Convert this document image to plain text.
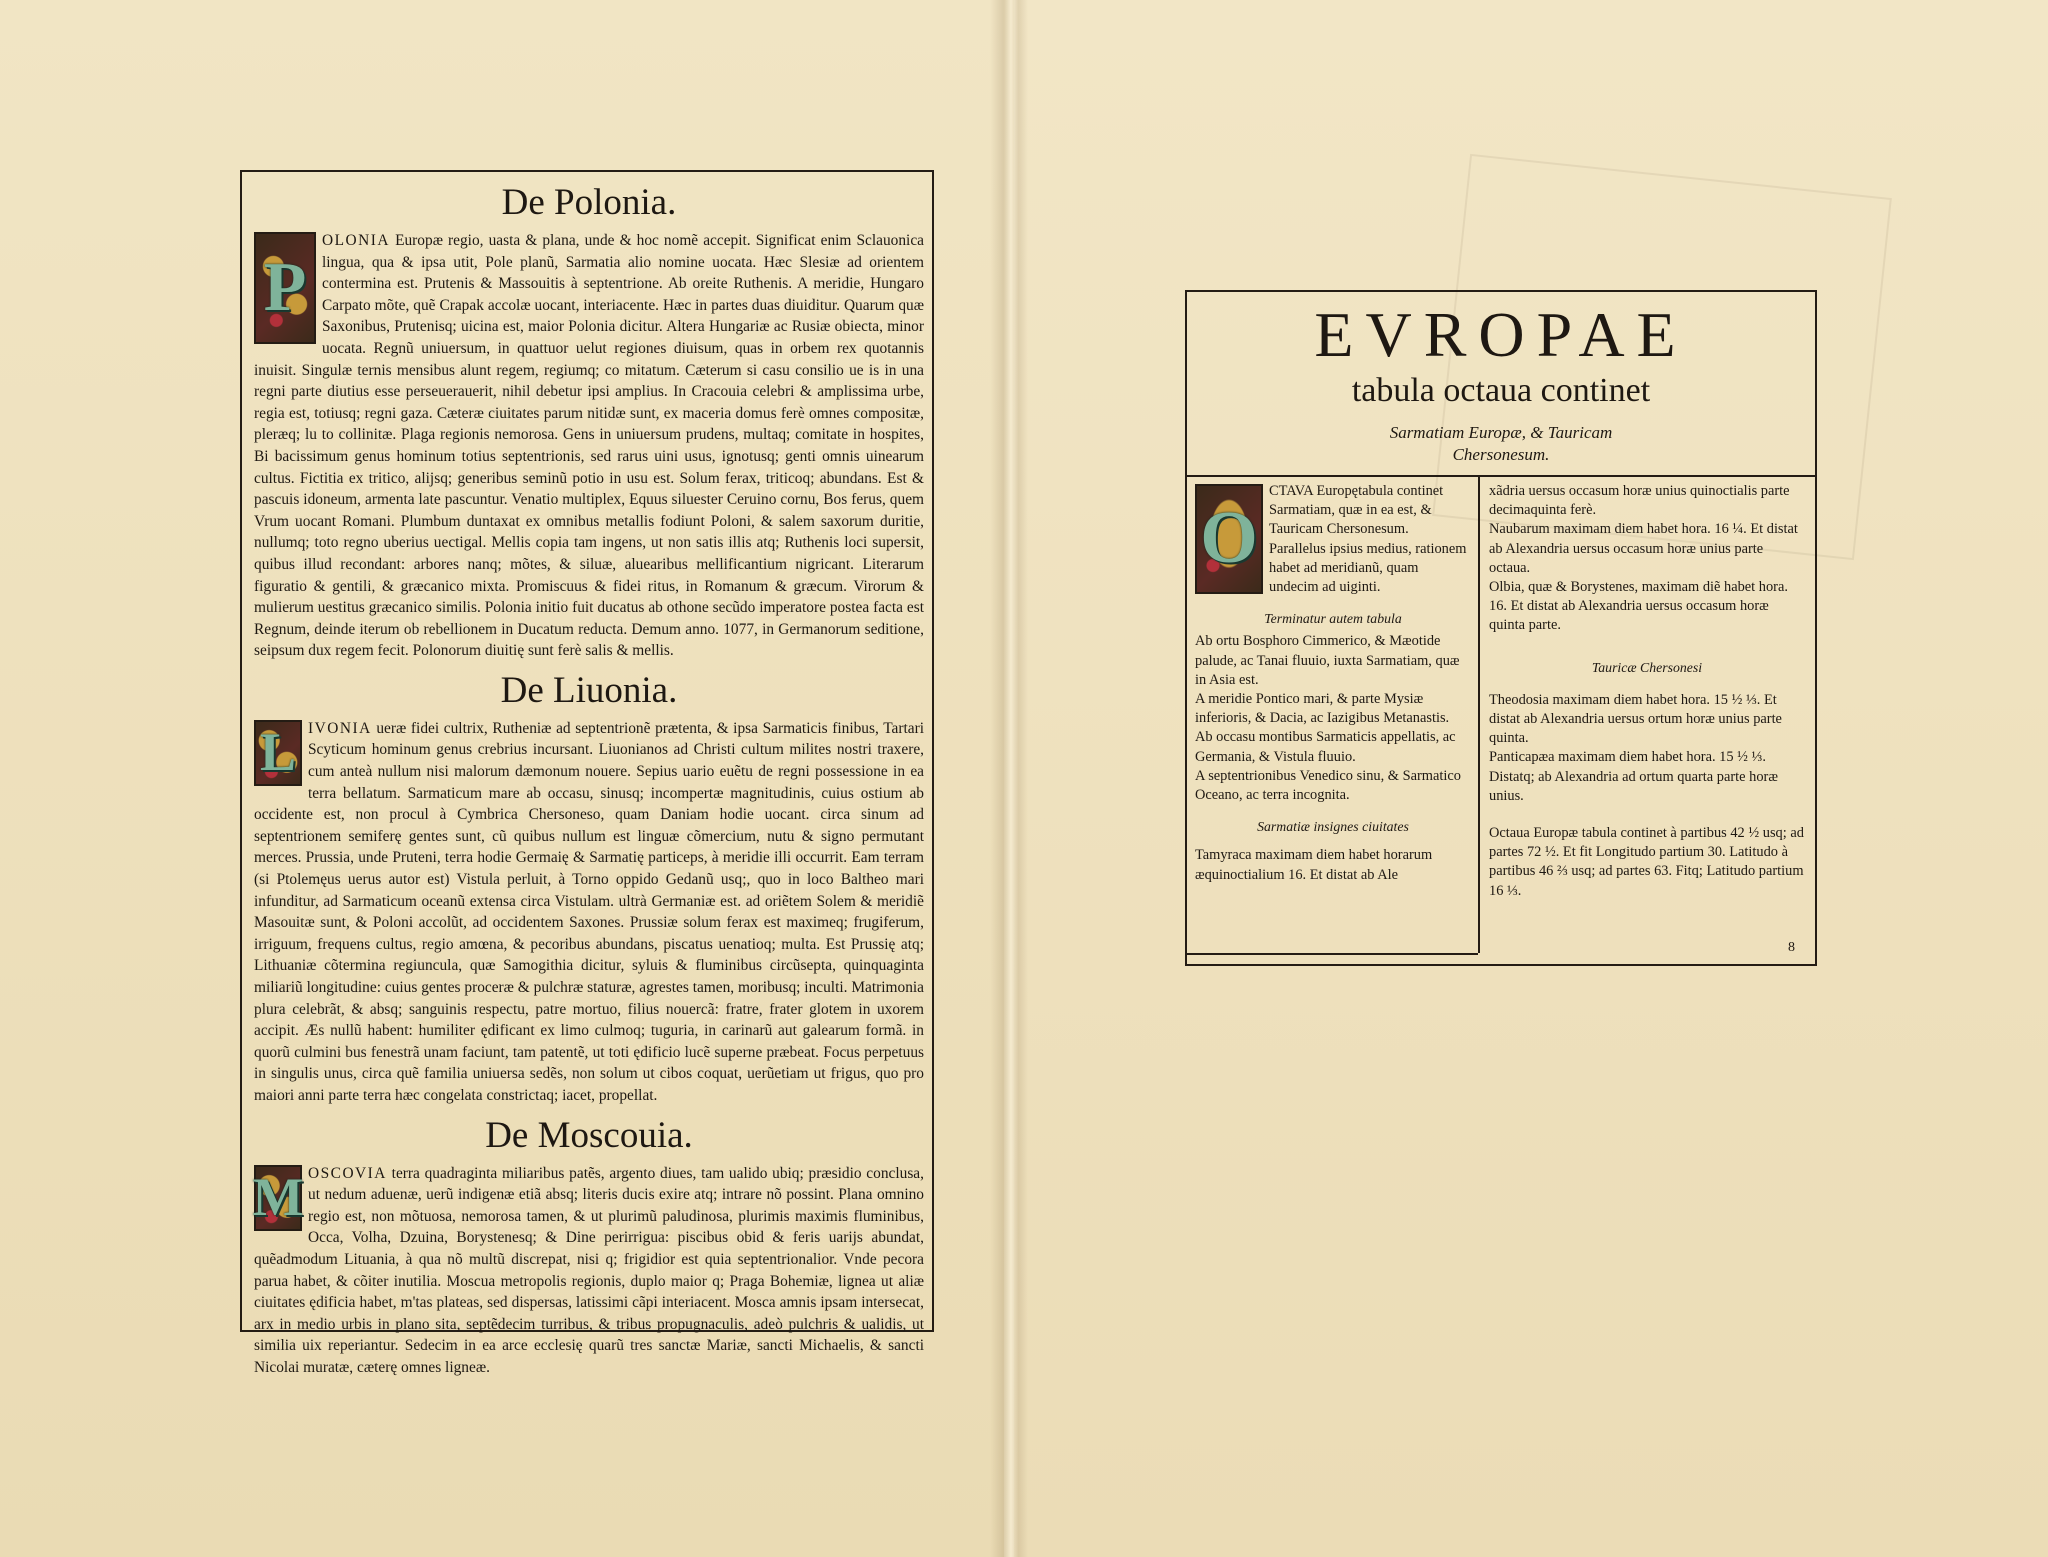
De Polonia.

P
OLONIA Europæ regio, uasta & plana, unde & hoc nomẽ accepit. Significat enim Sclauonica lingua, qua & ipsa utit, Pole planũ, Sarmatia alio nomine uocata. Hæc Slesiæ ad orientem contermina est. Prutenis & Massouitis à septentrione. Ab oreite Ruthenis. A meridie, Hungaro Carpato mõte, quẽ Crapak accolæ uocant, interiacente. Hæc in partes duas diuiditur. Quarum quæ Saxonibus, Prutenisq; uicina est, maior Polonia dicitur. Altera Hungariæ ac Rusiæ obiecta, minor uocata. Regnũ uniuersum, in quattuor uelut regiones diuisum, quas in orbem rex quotannis inuisit. Singulæ ternis mensibus alunt regem, regiumq; co mitatum. Cæterum si casu consilio ue is in una regni parte diutius esse perseuerauerit, nihil debetur ipsi amplius. In Cracouia celebri & amplissima urbe, regia est, totiusq; regni gaza. Cæteræ ciuitates parum nitidæ sunt, ex maceria domus ferè omnes compositæ, pleræq; lu to collinitæ. Plaga regionis nemorosa. Gens in uniuersum prudens, multaq; comitate in hospites, Bi bacissimum genus hominum totius septentrionis, sed rarus uini usus, ignotusq; genti omnis uinearum cultus. Fictitia ex tritico, alijsq; generibus seminũ potio in usu est. Solum ferax, triticoq; abundans. Est & pascuis idoneum, armenta late pascuntur. Venatio multiplex, Equus siluester Ceruino cornu, Bos ferus, quem Vrum uocant Romani. Plumbum duntaxat ex omnibus metallis fodiunt Poloni, & salem saxorum duritie, nullumq; toto regno uberius uectigal. Mellis copia tam ingens, ut non satis illis atq; Ruthenis loci supersit, quibus illud recondant: arbores nanq; mõtes, & siluæ, aluearibus mellificantium nigricant. Literarum figuratio & gentili, & græcanico mixta. Promiscuus & fidei ritus, in Romanum & græcum. Virorum & mulierum uestitus græcanico similis. Polonia initio fuit ducatus ab othone secũdo imperatore postea facta est Regnum, deinde iterum ob rebellionem in Ducatum reducta. Demum anno. 1077, in Germanorum seditione, seipsum dux regem fecit. Polonorum diuitię sunt ferè salis & mellis.

De Liuonia.

L IVONIA ueræ fidei cultrix, Rutheniæ ad septentrionẽ prætenta, & ipsa Sarmaticis finibus, Tartari Scyticum hominum genus crebrius incursant. Liuonianos ad Christi cultum milites nostri traxere, cum anteà nullum nisi malorum dæmonum nouere. Sepius uario euẽtu de regni possessione in ea terra bellatum. Sarmaticum mare ab occasu, sinusq; incompertæ magnitudinis, cuius ostium ab occidente est, non procul à Cymbrica Chersoneso, quam Daniam hodie uocant. circa sinum ad septentrionem semiferę gentes sunt, cũ quibus nullum est linguæ cõmercium, nutu & signo permutant merces. Prussia, unde Pruteni, terra hodie Germaię & Sarmatię particeps, à meridie illi occurrit. Eam terram (si Ptolemęus uerus autor est) Vistula perluit, à Torno oppido Gedanũ usq;, quo in loco Baltheo mari infunditur, ad Sarmaticum oceanũ extensa circa Vistulam. ultrà Germaniæ est. ad oriẽtem Solem & meridiẽ Masouitæ sunt, & Poloni accolũt, ad occidentem Saxones. Prussiæ solum ferax est maximeq; frugiferum, irriguum, frequens cultus, regio amœna, & pecoribus abundans, piscatus uenatioq; multa. Est Prussię atq; Lithuaniæ cõtermina regiuncula, quæ Samogithia dicitur, syluis & fluminibus circũsepta, quinquaginta miliariũ longitudine: cuius gentes proceræ & pulchræ staturæ, agrestes tamen, moribusq; inculti. Matrimonia plura celebrãt, & absq; sanguinis respectu, patre mortuo, filius nouercã: fratre, frater glotem in uxorem accipit. Æs nullũ habent: humiliter ędificant ex limo culmoq; tuguria, in carinarũ aut galearum formã. in quorũ culmini bus fenestrã unam faciunt, tam patentẽ, ut toti ędificio lucẽ superne præbeat. Focus perpetuus in singulis unus, circa quẽ familia uniuersa sedẽs, non solum ut cibos coquat, uerũetiam ut frigus, quo pro maiori anni parte terra hæc congelata constrictaq; iacet, propellat.

De Moscouia.

M OSCOVIA terra quadraginta miliaribus patẽs, argento diues, tam ualido ubiq; præsidio conclusa, ut nedum aduenæ, uerũ indigenæ etiã absq; literis ducis exire atq; intrare nõ possint. Plana omnino regio est, non mõtuosa, nemorosa tamen, & ut plurimũ paludinosa, plurimis maximis fluminibus, Occa, Volha, Dzuina, Borystenesq; & Dine perirrigua: piscibus obid & feris uarijs abundat, quẽadmodum Lituania, à qua nõ multũ discrepat, nisi q; frigidior est quia septentrionalior. Vnde pecora parua habet, & cõiter inutilia. Moscua metropolis regionis, duplo maior q; Praga Bohemiæ, lignea ut aliæ ciuitates ędificia habet, m'tas plateas, sed dispersas, latissimi cãpi interiacent. Mosca amnis ipsam intersecat, arx in medio urbis in plano sita, septẽdecim turribus, & tribus propugnaculis, adeò pulchris & ualidis, ut similia uix reperiantur. Sedecim in ea arce ecclesię quarũ tres sanctæ Mariæ, sancti Michaelis, & sancti Nicolai muratæ, cæterę omnes ligneæ.

EVROPAE
tabula octaua continet
Sarmatiam Europæ, & Tauricam
Chersonesum.

O
CTAVA Europętabula continet Sarmatiam, quæ in ea est, & Tauricam Chersonesum.

Parallelus ipsius medius, rationem habet ad meridianũ, quam undecim ad uiginti.

Terminatur autem tabula

Ab ortu Bosphoro Cimmerico, & Mæotide palude, ac Tanai fluuio, iuxta Sarmatiam, quæ in Asia est.

A meridie Pontico mari, & parte Mysiæ inferioris, & Dacia, ac Iazigibus Metanastis.

Ab occasu montibus Sarmaticis appellatis, ac Germania, & Vistula fluuio.

A septentrionibus Venedico sinu, & Sarmatico Oceano, ac terra incognita.

Sarmatiæ insignes ciuitates

Tamyraca maximam diem habet horarum æquinoctialium 16. Et distat ab Ale

xãdria uersus occasum horæ unius quinoctialis parte decimaquinta ferè.

Naubarum maximam diem habet hora. 16 ¼. Et distat ab Alexandria uersus occasum horæ unius parte octaua.

Olbia, quæ & Borystenes, maximam diẽ habet hora. 16. Et distat ab Alexandria uersus occasum horæ quinta parte.

Tauricæ Chersonesi

Theodosia maximam diem habet hora. 15 ½ ⅓. Et distat ab Alexandria uersus ortum horæ unius parte quinta.

Panticapæa maximam diem habet hora. 15 ½ ⅓. Distatq; ab Alexandria ad ortum quarta parte horæ unius.

Octaua Europæ tabula continet à partibus 42 ½ usq; ad partes 72 ½. Et fit Longitudo partium 30. Latitudo à partibus 46 ⅔ usq; ad partes 63. Fitq; Latitudo partium 16 ⅓.

8
